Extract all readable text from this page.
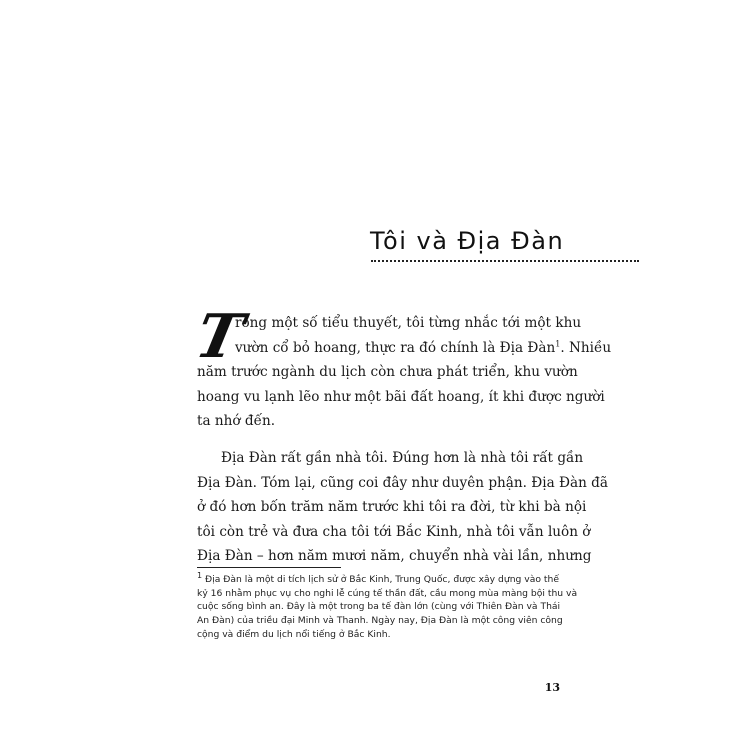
Tôi và Địa Đàn
T
rong một số tiểu thuyết, tôi từng nhắc tới một khu
vườn cổ bỏ hoang, thực ra đó chính là Địa Đàn$^1$. Nhiều
năm trước ngành du lịch còn chưa phát triển, khu vườn
hoang vu lạnh lẽo như một bãi đất hoang, ít khi được người
ta nhớ đến.
Địa Đàn rất gần nhà tôi. Đúng hơn là nhà tôi rất gần
Địa Đàn. Tóm lại, cũng coi đây như duyên phận. Địa Đàn đã
ở đó hơn bốn trăm năm trước khi tôi ra đời, từ khi bà nội
tôi còn trẻ và đưa cha tôi tới Bắc Kinh, nhà tôi vẫn luôn ở
Địa Đàn – hơn năm mươi năm, chuyển nhà vài lần, nhưng
$^1$ Địa Đàn là một di tích lịch sử ở Bắc Kinh, Trung Quốc, được xây dựng vào thế
kỷ 16 nhằm phục vụ cho nghi lễ cúng tế thần đất, cầu mong mùa màng bội thu và
cuộc sống bình an. Đây là một trong ba tế đàn lớn (cùng với Thiên Đàn và Thái
An Đàn) của triều đại Minh và Thanh. Ngày nay, Địa Đàn là một công viên công
cộng và điểm du lịch nổi tiếng ở Bắc Kinh.
13
